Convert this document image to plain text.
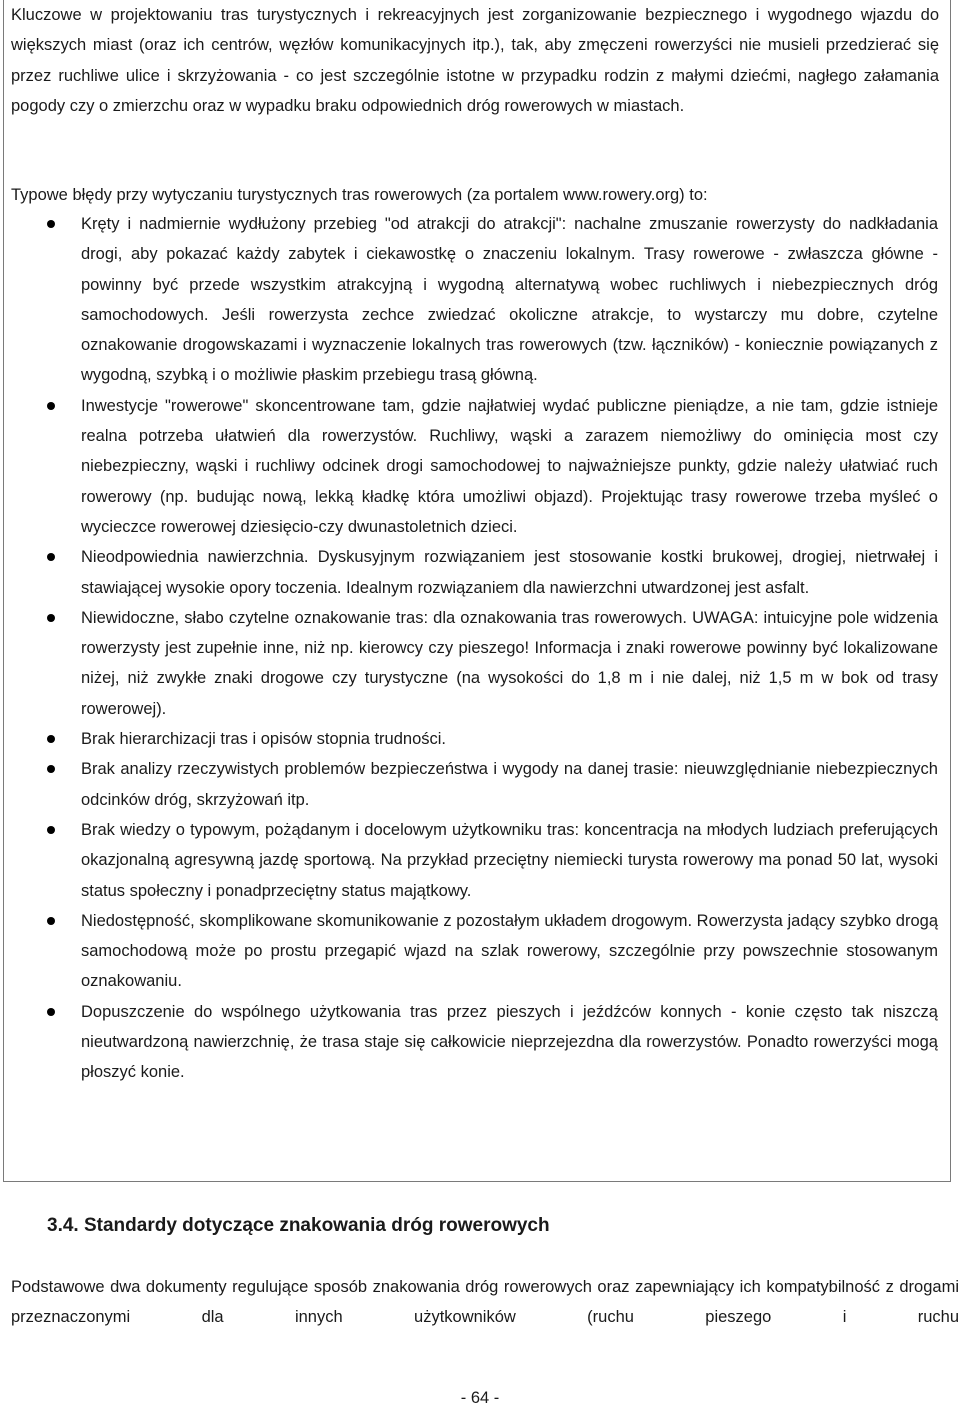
Kluczowe w projektowaniu tras turystycznych i rekreacyjnych jest zorganizowanie bezpiecznego i wygodnego wjazdu do większych miast (oraz ich centrów, węzłów komunikacyjnych itp.), tak, aby zmęczeni rowerzyści nie musieli przedzierać się przez ruchliwe ulice i skrzyżowania - co jest szczególnie istotne w przypadku rodzin z małymi dziećmi, nagłego załamania pogody czy o zmierzchu oraz w wypadku braku odpowiednich dróg rowerowych w miastach.

Typowe błędy przy wytyczaniu turystycznych tras rowerowych (za portalem www.rowery.org) to:

Kręty i nadmiernie wydłużony przebieg "od atrakcji do atrakcji": nachalne zmuszanie rowerzysty do nadkładania drogi, aby pokazać każdy zabytek i ciekawostkę o znaczeniu lokalnym. Trasy rowerowe - zwłaszcza główne - powinny być przede wszystkim atrakcyjną i wygodną alternatywą wobec ruchliwych i niebezpiecznych dróg samochodowych. Jeśli rowerzysta zechce zwiedzać okoliczne atrakcje, to wystarczy mu dobre, czytelne oznakowanie drogowskazami i wyznaczenie lokalnych tras rowerowych (tzw. łączników) - koniecznie powiązanych z wygodną, szybką i o możliwie płaskim przebiegu trasą główną.
Inwestycje "rowerowe" skoncentrowane tam, gdzie najłatwiej wydać publiczne pieniądze, a nie tam, gdzie istnieje realna potrzeba ułatwień dla rowerzystów. Ruchliwy, wąski a zarazem niemożliwy do ominięcia most czy niebezpieczny, wąski i ruchliwy odcinek drogi samochodowej to najważniejsze punkty, gdzie należy ułatwiać ruch rowerowy (np. budując nową, lekką kładkę która umożliwi objazd). Projektując trasy rowerowe trzeba myśleć o wycieczce rowerowej dziesięcio-czy dwunastoletnich dzieci.
Nieodpowiednia nawierzchnia. Dyskusyjnym rozwiązaniem jest stosowanie kostki brukowej, drogiej, nietrwałej i stawiającej wysokie opory toczenia. Idealnym rozwiązaniem dla nawierzchni utwardzonej jest asfalt.
Niewidoczne, słabo czytelne oznakowanie tras: dla oznakowania tras rowerowych. UWAGA: intuicyjne pole widzenia rowerzysty jest zupełnie inne, niż np. kierowcy czy pieszego! Informacja i znaki rowerowe powinny być lokalizowane niżej, niż zwykłe znaki drogowe czy turystyczne (na wysokości do 1,8 m i nie dalej, niż 1,5 m w bok od trasy rowerowej).
Brak hierarchizacji tras i opisów stopnia trudności.
Brak analizy rzeczywistych problemów bezpieczeństwa i wygody na danej trasie: nieuwzględnianie niebezpiecznych odcinków dróg, skrzyżowań itp.
Brak wiedzy o typowym, pożądanym i docelowym użytkowniku tras: koncentracja na młodych ludziach preferujących okazjonalną agresywną jazdę sportową. Na przykład przeciętny niemiecki turysta rowerowy ma ponad 50 lat, wysoki status społeczny i ponadprzeciętny status majątkowy.
Niedostępność, skomplikowane skomunikowanie z pozostałym układem drogowym. Rowerzysta jadący szybko drogą samochodową może po prostu przegapić wjazd na szlak rowerowy, szczególnie przy powszechnie stosowanym oznakowaniu.
Dopuszczenie do wspólnego użytkowania tras przez pieszych i jeźdźców konnych - konie często tak niszczą nieutwardzoną nawierzchnię, że trasa staje się całkowicie nieprzejezdna dla rowerzystów. Ponadto rowerzyści mogą płoszyć konie.
3.4. Standardy dotyczące znakowania dróg rowerowych

Podstawowe dwa dokumenty regulujące sposób znakowania dróg rowerowych oraz zapewniający ich kompatybilność z drogami przeznaczonymi dla innych użytkowników (ruchu pieszego i ruchu

- 64 -
